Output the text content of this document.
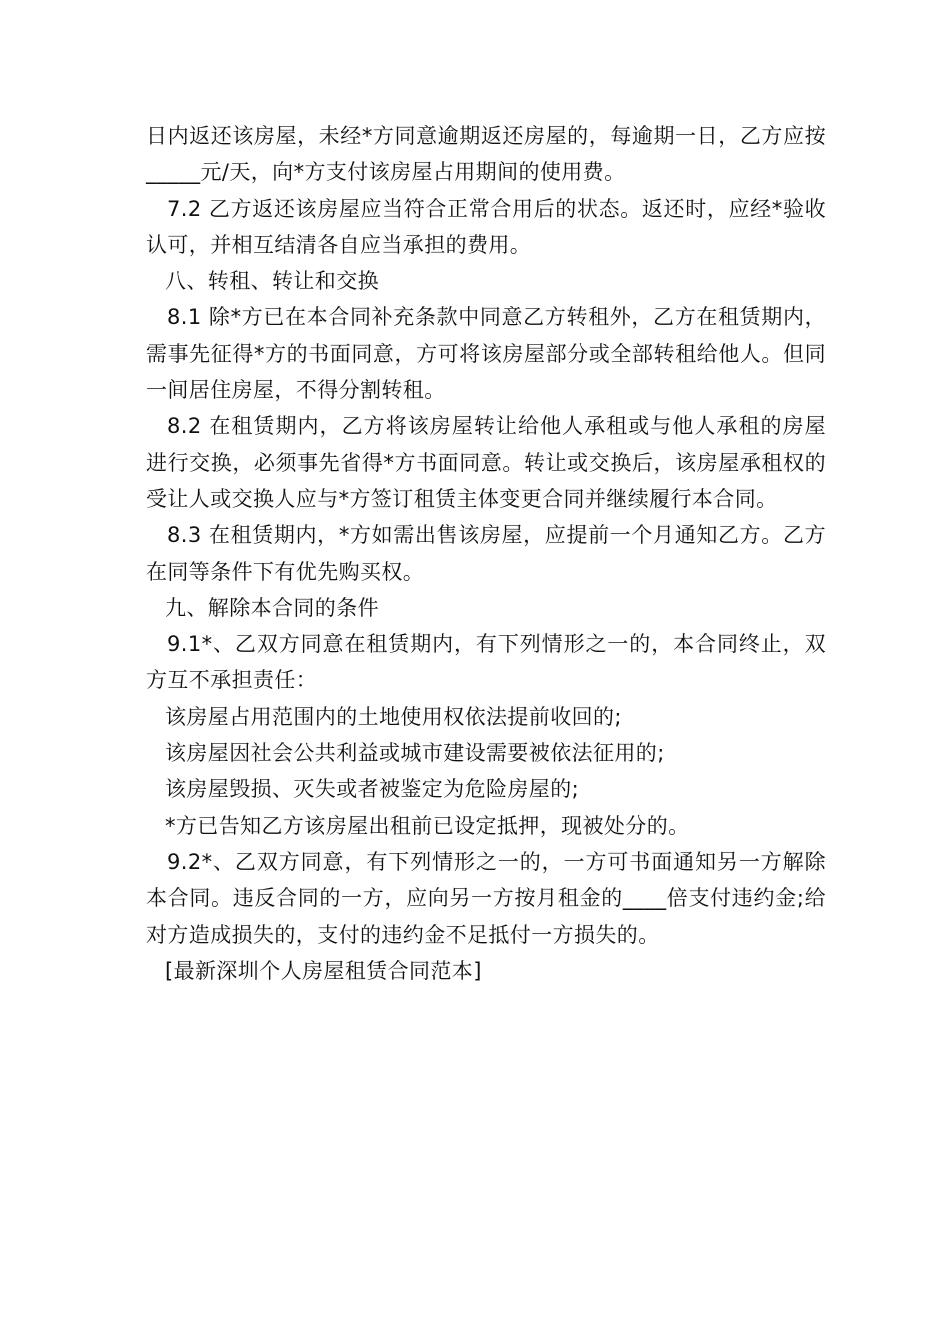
日内返还该房屋，未经*方同意逾期返还房屋的，每逾期一日，乙方应按_____元/天，向*方支付该房屋占用期间的使用费。

7.2 乙方返还该房屋应当符合正常合用后的状态。返还时，应经*验收认可，并相互结清各自应当承担的费用。

八、转租、转让和交换

8.1 除*方已在本合同补充条款中同意乙方转租外，乙方在租赁期内，需事先征得*方的书面同意，方可将该房屋部分或全部转租给他人。但同一间居住房屋，不得分割转租。

8.2 在租赁期内，乙方将该房屋转让给他人承租或与他人承租的房屋进行交换，必须事先省得*方书面同意。转让或交换后，该房屋承租权的受让人或交换人应与*方签订租赁主体变更合同并继续履行本合同。

8.3 在租赁期内，*方如需出售该房屋，应提前一个月通知乙方。乙方在同等条件下有优先购买权。

九、解除本合同的条件

9.1*、乙双方同意在租赁期内，有下列情形之一的，本合同终止，双方互不承担责任：

该房屋占用范围内的土地使用权依法提前收回的;

该房屋因社会公共利益或城市建设需要被依法征用的;

该房屋毁损、灭失或者被鉴定为危险房屋的;

*方已告知乙方该房屋出租前已设定抵押，现被处分的。

9.2*、乙双方同意，有下列情形之一的，一方可书面通知另一方解除本合同。违反合同的一方，应向另一方按月租金的____倍支付违约金;给对方造成损失的，支付的违约金不足抵付一方损失的。

[最新深圳个人房屋租赁合同范本]
